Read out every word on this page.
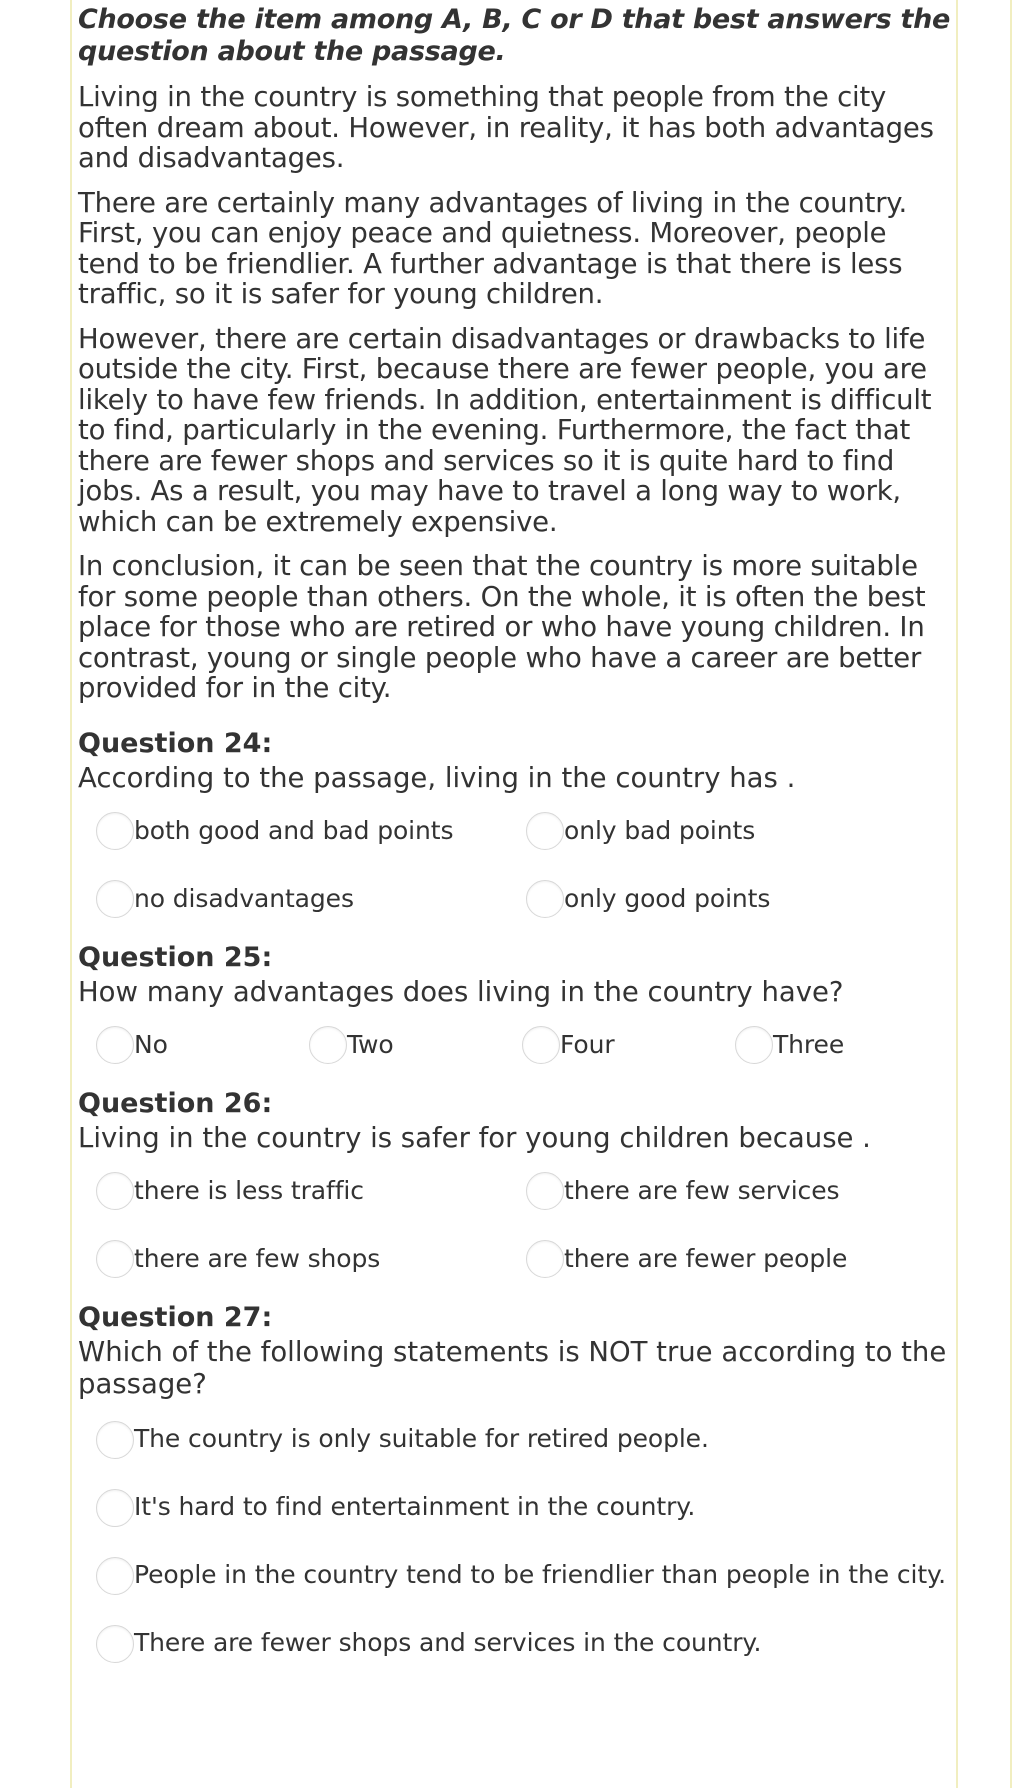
Choose the item among A, B, C or D that best answers the question about the passage.

Living in the country is something that people from the city often dream about. However, in reality, it has both advantages and disadvantages.

There are certainly many advantages of living in the country. First, you can enjoy peace and quietness. Moreover, people tend to be friendlier. A further advantage is that there is less traffic, so it is safer for young children.

However, there are certain disadvantages or drawbacks to life outside the city. First, because there are fewer people, you are likely to have few friends. In addition, entertainment is difficult to find, particularly in the evening. Furthermore, the fact that there are fewer shops and services so it is quite hard to find jobs. As a result, you may have to travel a long way to work, which can be extremely expensive.

In conclusion, it can be seen that the country is more suitable for some people than others. On the whole, it is often the best place for those who are retired or who have young children. In contrast, young or single people who have a career are better provided for in the city.

Question 24:

According to the passage, living in the country has .

both good and bad points	only bad points
no disadvantages	only good points

Question 25:

How many advantages does living in the country have?

No	Two	Four	Three

Question 26:

Living in the country is safer for young children because .

there is less traffic	there are few services
there are few shops	there are fewer people

Question 27:

Which of the following statements is NOT true according to the passage?

The country is only suitable for retired people.
It's hard to find entertainment in the country.
People in the country tend to be friendlier than people in the city.
There are fewer shops and services in the country.
